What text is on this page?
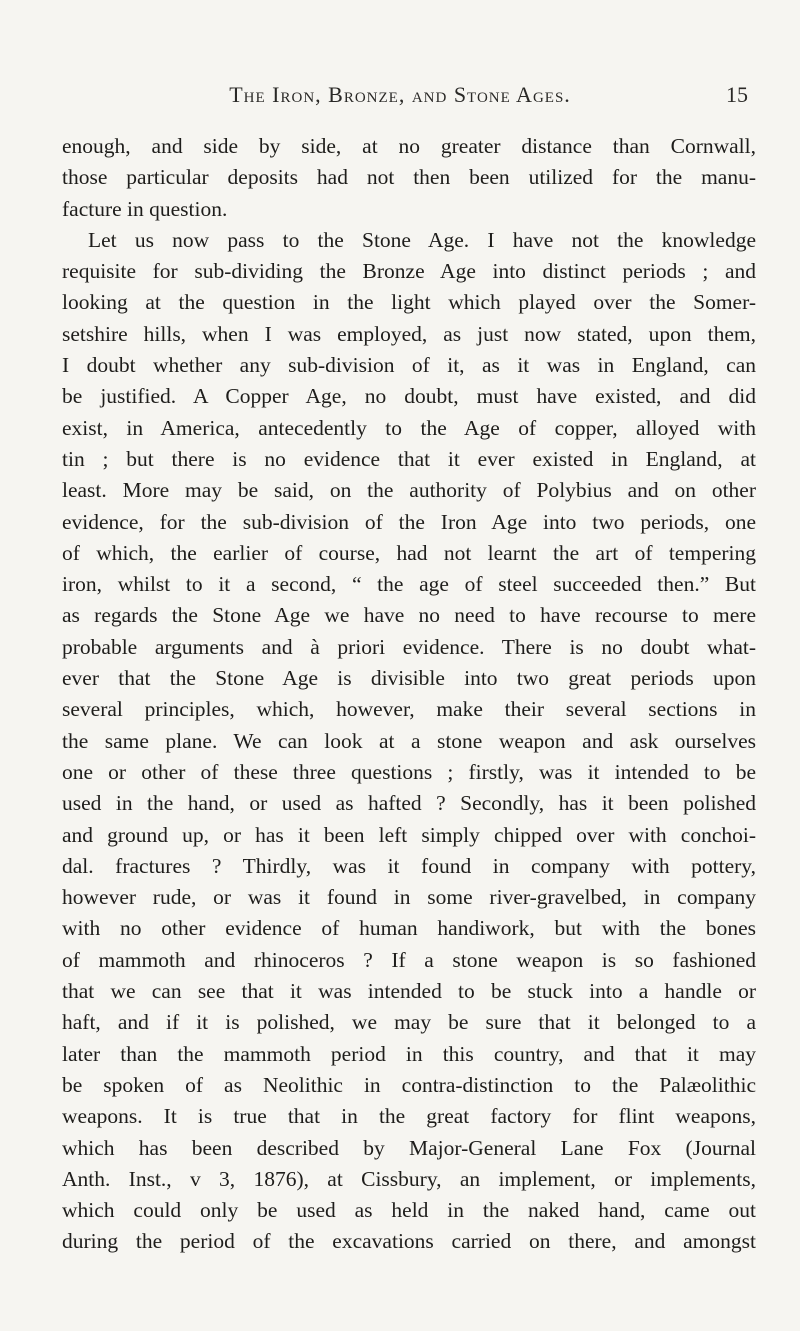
The Iron, Bronze, and Stone Ages.	15
enough, and side by side, at no greater distance than Cornwall,
those particular deposits had not then been utilized for the manu-
facture in question.
Let us now pass to the Stone Age. I have not the knowledge
requisite for sub-dividing the Bronze Age into distinct periods ; and
looking at the question in the light which played over the Somer-
setshire hills, when I was employed, as just now stated, upon them,
I doubt whether any sub-division of it, as it was in England, can
be justified. A Copper Age, no doubt, must have existed, and did
exist, in America, antecedently to the Age of copper, alloyed with
tin ; but there is no evidence that it ever existed in England, at
least. More may be said, on the authority of Polybius and on other
evidence, for the sub-division of the Iron Age into two periods, one
of which, the earlier of course, had not learnt the art of tempering
iron, whilst to it a second, “ the age of steel succeeded then.” But
as regards the Stone Age we have no need to have recourse to mere
probable arguments and à priori evidence. There is no doubt what-
ever that the Stone Age is divisible into two great periods upon
several principles, which, however, make their several sections in
the same plane. We can look at a stone weapon and ask ourselves
one or other of these three questions ; firstly, was it intended to be
used in the hand, or used as hafted ? Secondly, has it been polished
and ground up, or has it been left simply chipped over with conchoi-
dal. fractures ? Thirdly, was it found in company with pottery,
however rude, or was it found in some river-gravelbed, in company
with no other evidence of human handiwork, but with the bones
of mammoth and rhinoceros ? If a stone weapon is so fashioned
that we can see that it was intended to be stuck into a handle or
haft, and if it is polished, we may be sure that it belonged to a
later than the mammoth period in this country, and that it may
be spoken of as Neolithic in contra-distinction to the Palæolithic
weapons. It is true that in the great factory for flint weapons,
which has been described by Major-General Lane Fox (Journal
Anth. Inst., v 3, 1876), at Cissbury, an implement, or implements,
which could only be used as held in the naked hand, came out
during the period of the excavations carried on there, and amongst
